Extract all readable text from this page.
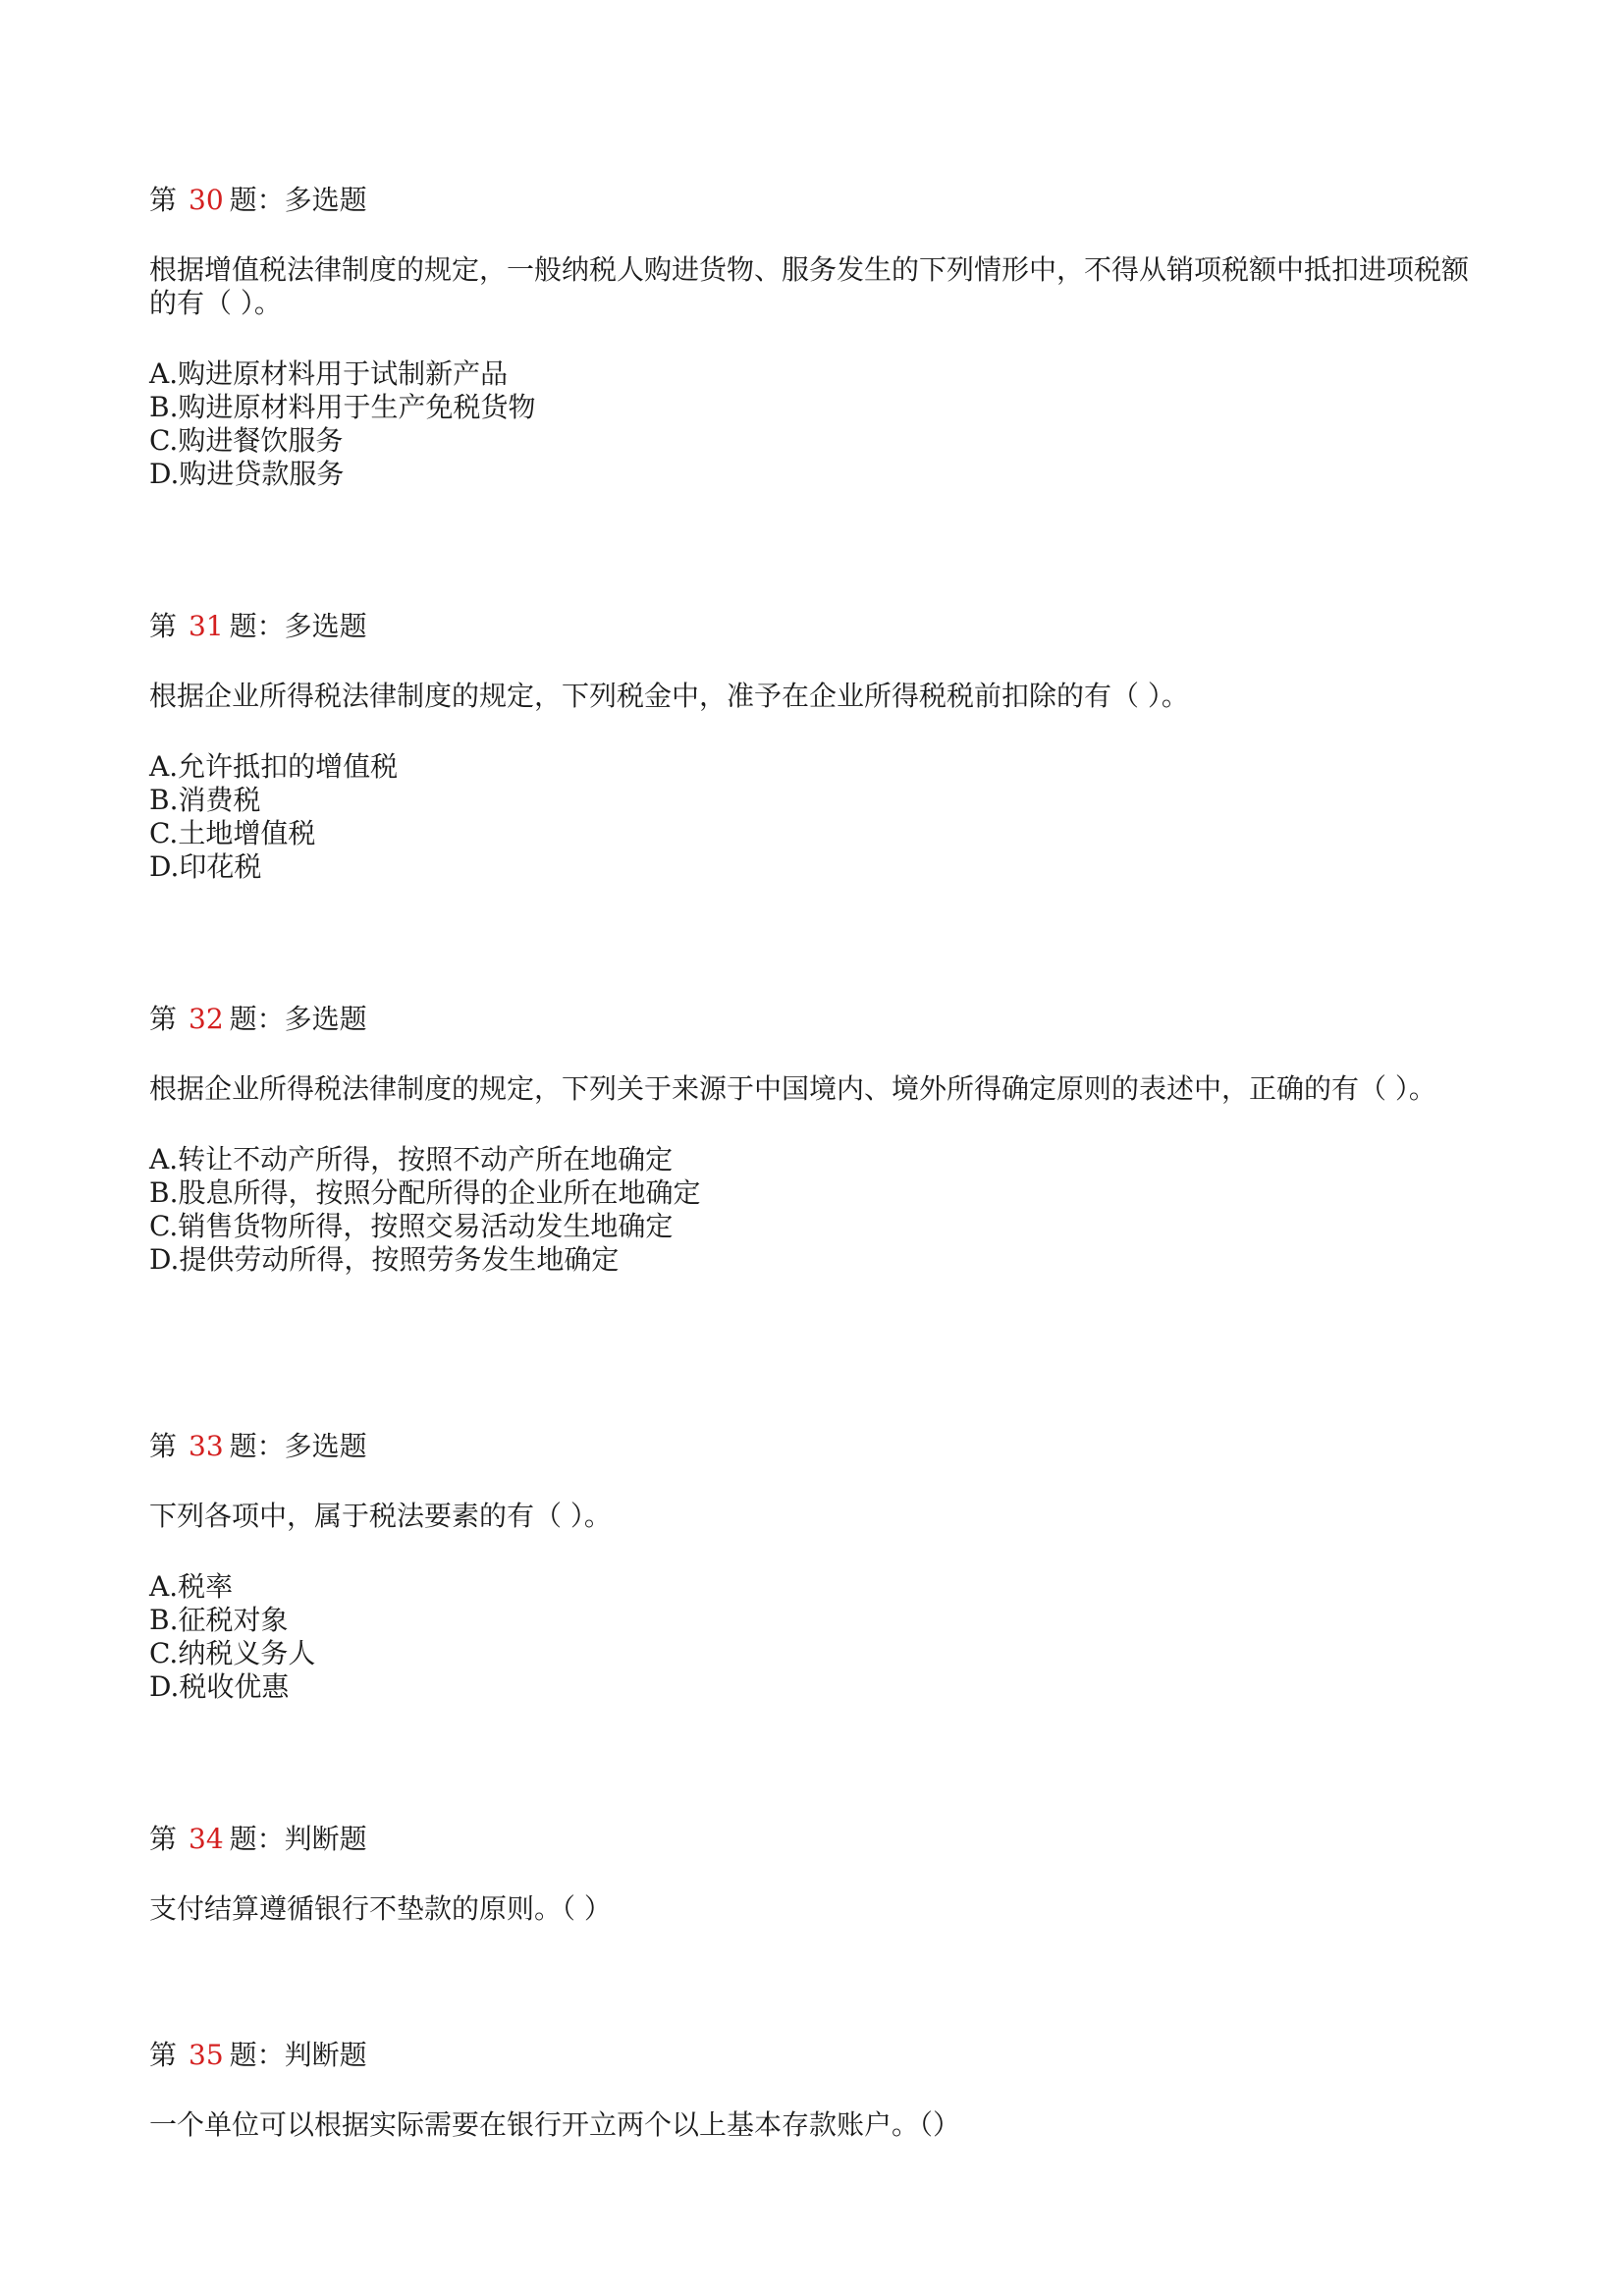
第 30 题：多选题
根据增值税法律制度的规定，一般纳税人购进货物、服务发生的下列情形中，不得从销项税额中抵扣进项税额的有（ ）。
A.购进原材料用于试制新产品
B.购进原材料用于生产免税货物
C.购进餐饮服务
D.购进贷款服务
第 31 题：多选题
根据企业所得税法律制度的规定，下列税金中，准予在企业所得税税前扣除的有（ ）。
A.允许抵扣的增值税
B.消费税
C.土地增值税
D.印花税
第 32 题：多选题
根据企业所得税法律制度的规定，下列关于来源于中国境内、境外所得确定原则的表述中，正确的有（ ）。
A.转让不动产所得，按照不动产所在地确定
B.股息所得，按照分配所得的企业所在地确定
C.销售货物所得，按照交易活动发生地确定
D.提供劳动所得，按照劳务发生地确定
第 33 题：多选题
下列各项中，属于税法要素的有（ ）。
A.税率
B.征税对象
C.纳税义务人
D.税收优惠
第 34 题：判断题
支付结算遵循银行不垫款的原则。（ ）
第 35 题：判断题
一个单位可以根据实际需要在银行开立两个以上基本存款账户。（）
